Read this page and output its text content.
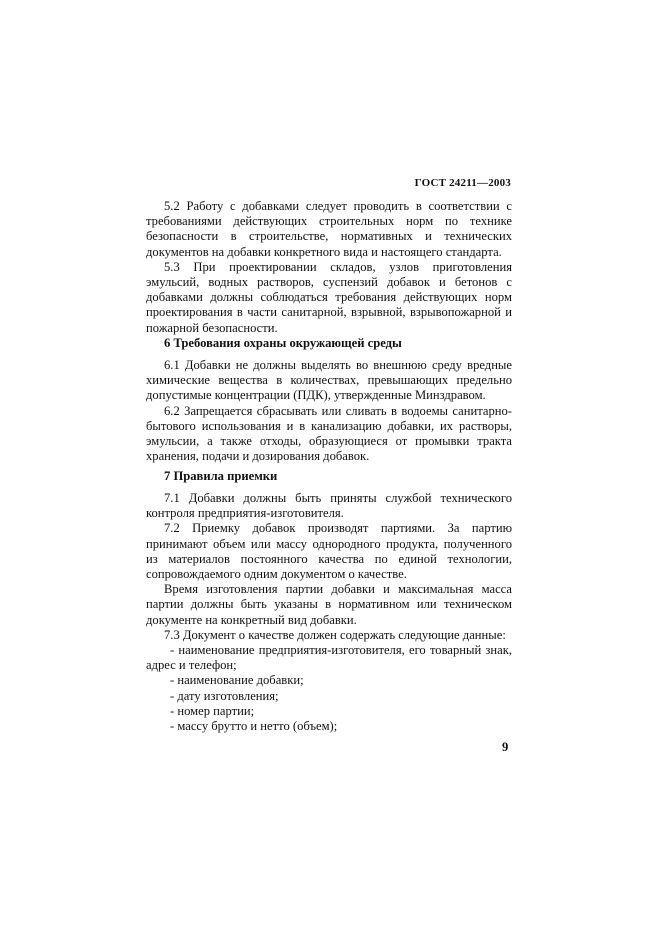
ГОСТ 24211—2003

5.2 Работу с добавками следует проводить в соответствии с требованиями действующих строительных норм по технике безопасности в строительстве, нормативных и технических документов на добавки конкретного вида и настоящего стандарта.

5.3 При проектировании складов, узлов приготовления эмульсий, водных растворов, суспензий добавок и бетонов с добавками должны соблюдаться требования действующих норм проектирования в части санитарной, взрывной, взрывопожарной и пожарной безопасности.

6 Требования охраны окружающей среды

6.1 Добавки не должны выделять во внешнюю среду вредные химические вещества в количествах, превышающих предельно допустимые концентрации (ПДК), утвержденные Минздравом.

6.2 Запрещается сбрасывать или сливать в водоемы санитарно-бытового использования и в канализацию добавки, их растворы, эмульсии, а также отходы, образующиеся от промывки тракта хранения, подачи и дозирования добавок.

7 Правила приемки

7.1 Добавки должны быть приняты службой технического контроля предприятия-изготовителя.

7.2 Приемку добавок производят партиями. За партию принимают объем или массу однородного продукта, полученного из материалов постоянного качества по единой технологии, сопровождаемого одним документом о качестве.

Время изготовления партии добавки и максимальная масса партии должны быть указаны в нормативном или техническом документе на конкретный вид добавки.

7.3 Документ о качестве должен содержать следующие данные:

- наименование предприятия-изготовителя, его товарный знак, адрес и телефон;

- наименование добавки;

- дату изготовления;

- номер партии;

- массу брутто и нетто (объем);

9
